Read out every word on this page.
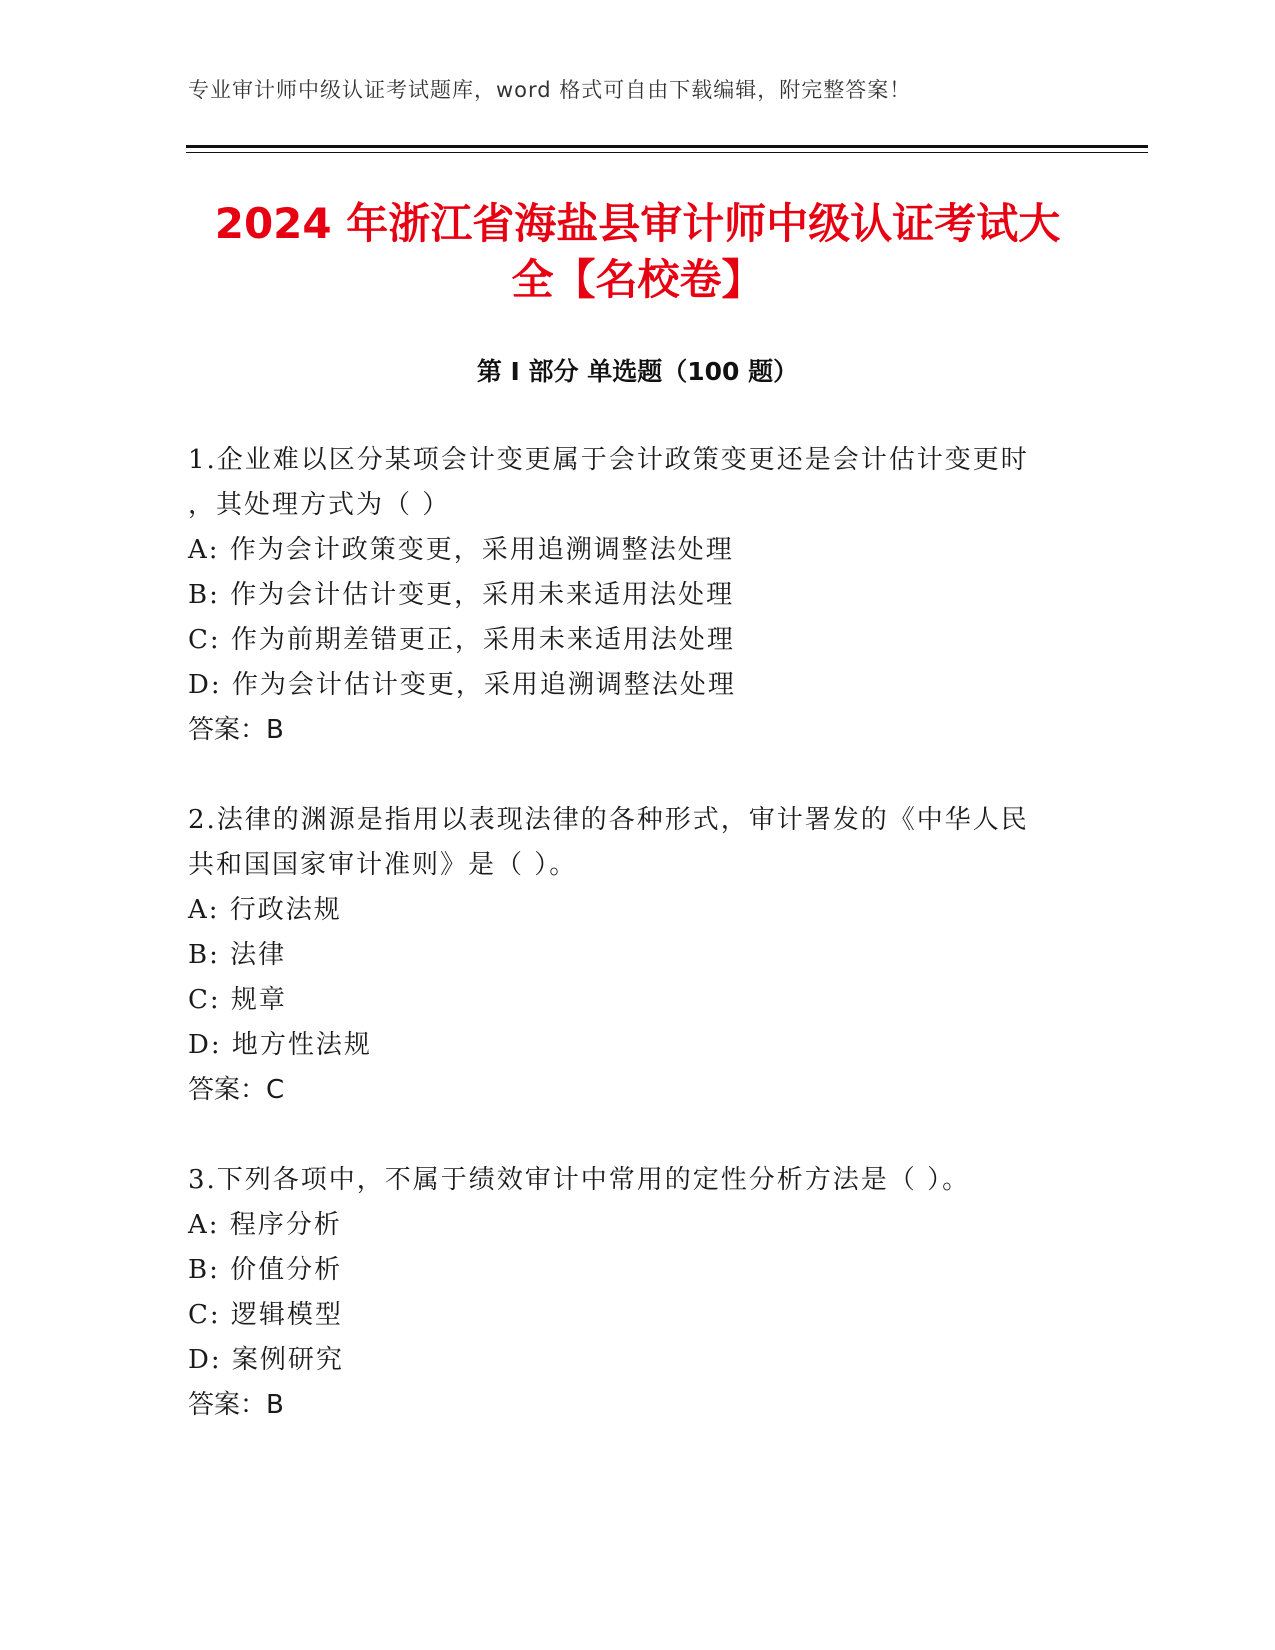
专业审计师中级认证考试题库，word 格式可自由下载编辑，附完整答案！
2024 年浙江省海盐县审计师中级认证考试大
全【名校卷】
第 I 部分 单选题（100 题）

1.企业难以区分某项会计变更属于会计政策变更还是会计估计变更时

，其处理方式为（ ）

A: 作为会计政策变更，采用追溯调整法处理

B: 作为会计估计变更，采用未来适用法处理

C: 作为前期差错更正，采用未来适用法处理

D: 作为会计估计变更，采用追溯调整法处理

答案：B

2.法律的渊源是指用以表现法律的各种形式，审计署发的《中华人民

共和国国家审计准则》是（ ）。

A: 行政法规

B: 法律

C: 规章

D: 地方性法规

答案：C

3.下列各项中，不属于绩效审计中常用的定性分析方法是（ ）。

A: 程序分析

B: 价值分析

C: 逻辑模型

D: 案例研究

答案：B
